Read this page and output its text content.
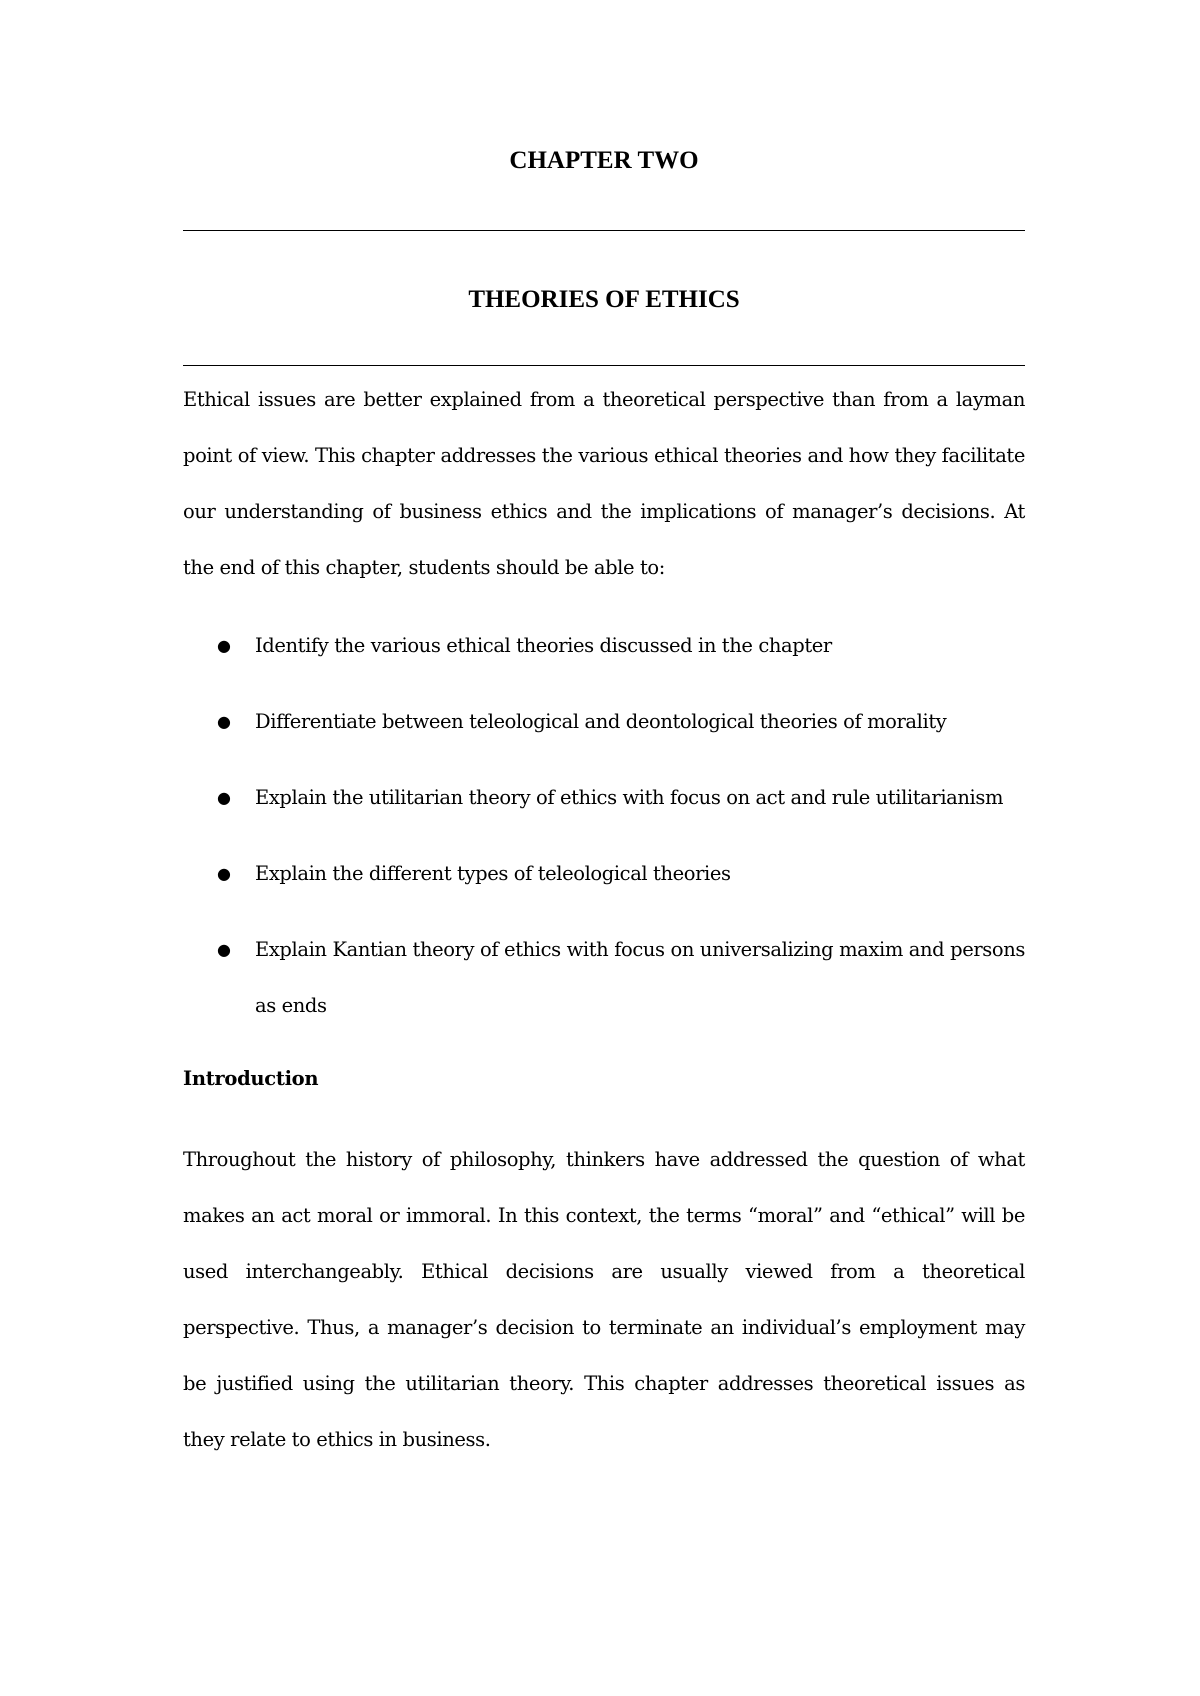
CHAPTER TWO
THEORIES OF ETHICS

Ethical issues are better explained from a theoretical perspective than from a layman point of view. This chapter addresses the various ethical theories and how they facilitate our understanding of business ethics and the implications of manager’s decisions. At the end of this chapter, students should be able to:

● Identify the various ethical theories discussed in the chapter
● Differentiate between teleological and deontological theories of morality
● Explain the utilitarian theory of ethics with focus on act and rule utilitarianism
● Explain the different types of teleological theories
● Explain Kantian theory of ethics with focus on universalizing maxim and persons as ends
Introduction

Throughout the history of philosophy, thinkers have addressed the question of what makes an act moral or immoral. In this context, the terms “moral” and “ethical” will be used interchangeably. Ethical decisions are usually viewed from a theoretical perspective. Thus, a manager’s decision to terminate an individual’s employment may be justified using the utilitarian theory. This chapter addresses theoretical issues as they relate to ethics in business.
